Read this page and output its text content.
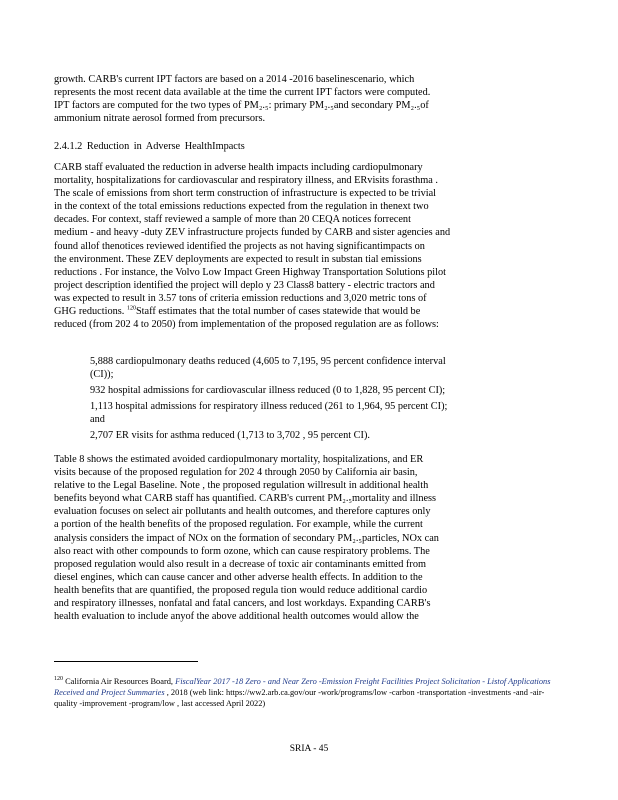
growth. CARB's current IPT factors are based on a 2014 -2016 baselinescenario, which
represents the most recent data available at the time the current IPT factors were computed.
IPT factors are computed for the two types of PM₂.₅: primary PM₂.₅and secondary PM₂.₅of
ammonium nitrate aerosol formed from precursors.

2.4.1.2 Reduction in Adverse HealthImpacts

CARB staff evaluated the reduction in adverse health impacts including cardiopulmonary
mortality, hospitalizations for cardiovascular and respiratory illness, and ERvisits forasthma .
The scale of emissions from short term construction of infrastructure is expected to be trivial
in the context of the total emissions reductions expected from the regulation in thenext two
decades. For context, staff reviewed a sample of more than 20 CEQA notices forrecent
medium - and heavy -duty ZEV infrastructure projects funded by CARB and sister agencies and
found allof thenotices reviewed identified the projects as not having significantimpacts on
the environment. These ZEV deployments are expected to result in substan tial emissions
reductions . For instance, the Volvo Low Impact Green Highway Transportation Solutions pilot
project description identified the project will deplo y 23 Class8 battery - electric tractors and
was expected to result in 3.57 tons of criteria emission reductions and 3,020 metric tons of
GHG reductions. $^{120}$Staff estimates that the total number of cases statewide that would be
reduced (from 202 4 to 2050) from implementation of the proposed regulation are as follows:

5,888 cardiopulmonary deaths reduced (4,605 to 7,195, 95 percent confidence interval
(CI));
932 hospital admissions for cardiovascular illness reduced (0 to 1,828, 95 percent CI);
1,113 hospital admissions for respiratory illness reduced (261 to 1,964, 95 percent CI);
and
2,707 ER visits for asthma reduced (1,713 to 3,702 , 95 percent CI).

Table 8 shows the estimated avoided cardiopulmonary mortality, hospitalizations, and ER
visits because of the proposed regulation for 202 4 through 2050 by California air basin,
relative to the Legal Baseline. Note , the proposed regulation willresult in additional health
benefits beyond what CARB staff has quantified. CARB's current PM₂.₅mortality and illness
evaluation focuses on select air pollutants and health outcomes, and therefore captures only
a portion of the health benefits of the proposed regulation. For example, while the current
analysis considers the impact of NOx on the formation of secondary PM₂.₅particles, NOx can
also react with other compounds to form ozone, which can cause respiratory problems. The
proposed regulation would also result in a decrease of toxic air contaminants emitted from
diesel engines, which can cause cancer and other adverse health effects. In addition to the
health benefits that are quantified, the proposed regula tion would reduce additional cardio
and respiratory illnesses, nonfatal and fatal cancers, and lost workdays. Expanding CARB's
health evaluation to include anyof the above additional health outcomes would allow the

$^{120}$ California Air Resources Board, FiscalYear 2017 -18 Zero - and Near Zero -Emission Freight Facilities Project Solicitation - Listof Applications Received and Project Summaries , 2018 (web link: https://ww2.arb.ca.gov/our -work/programs/low -carbon -transportation -investments -and -air-quality -improvement -program/low , last accessed April 2022)

SRIA - 45
